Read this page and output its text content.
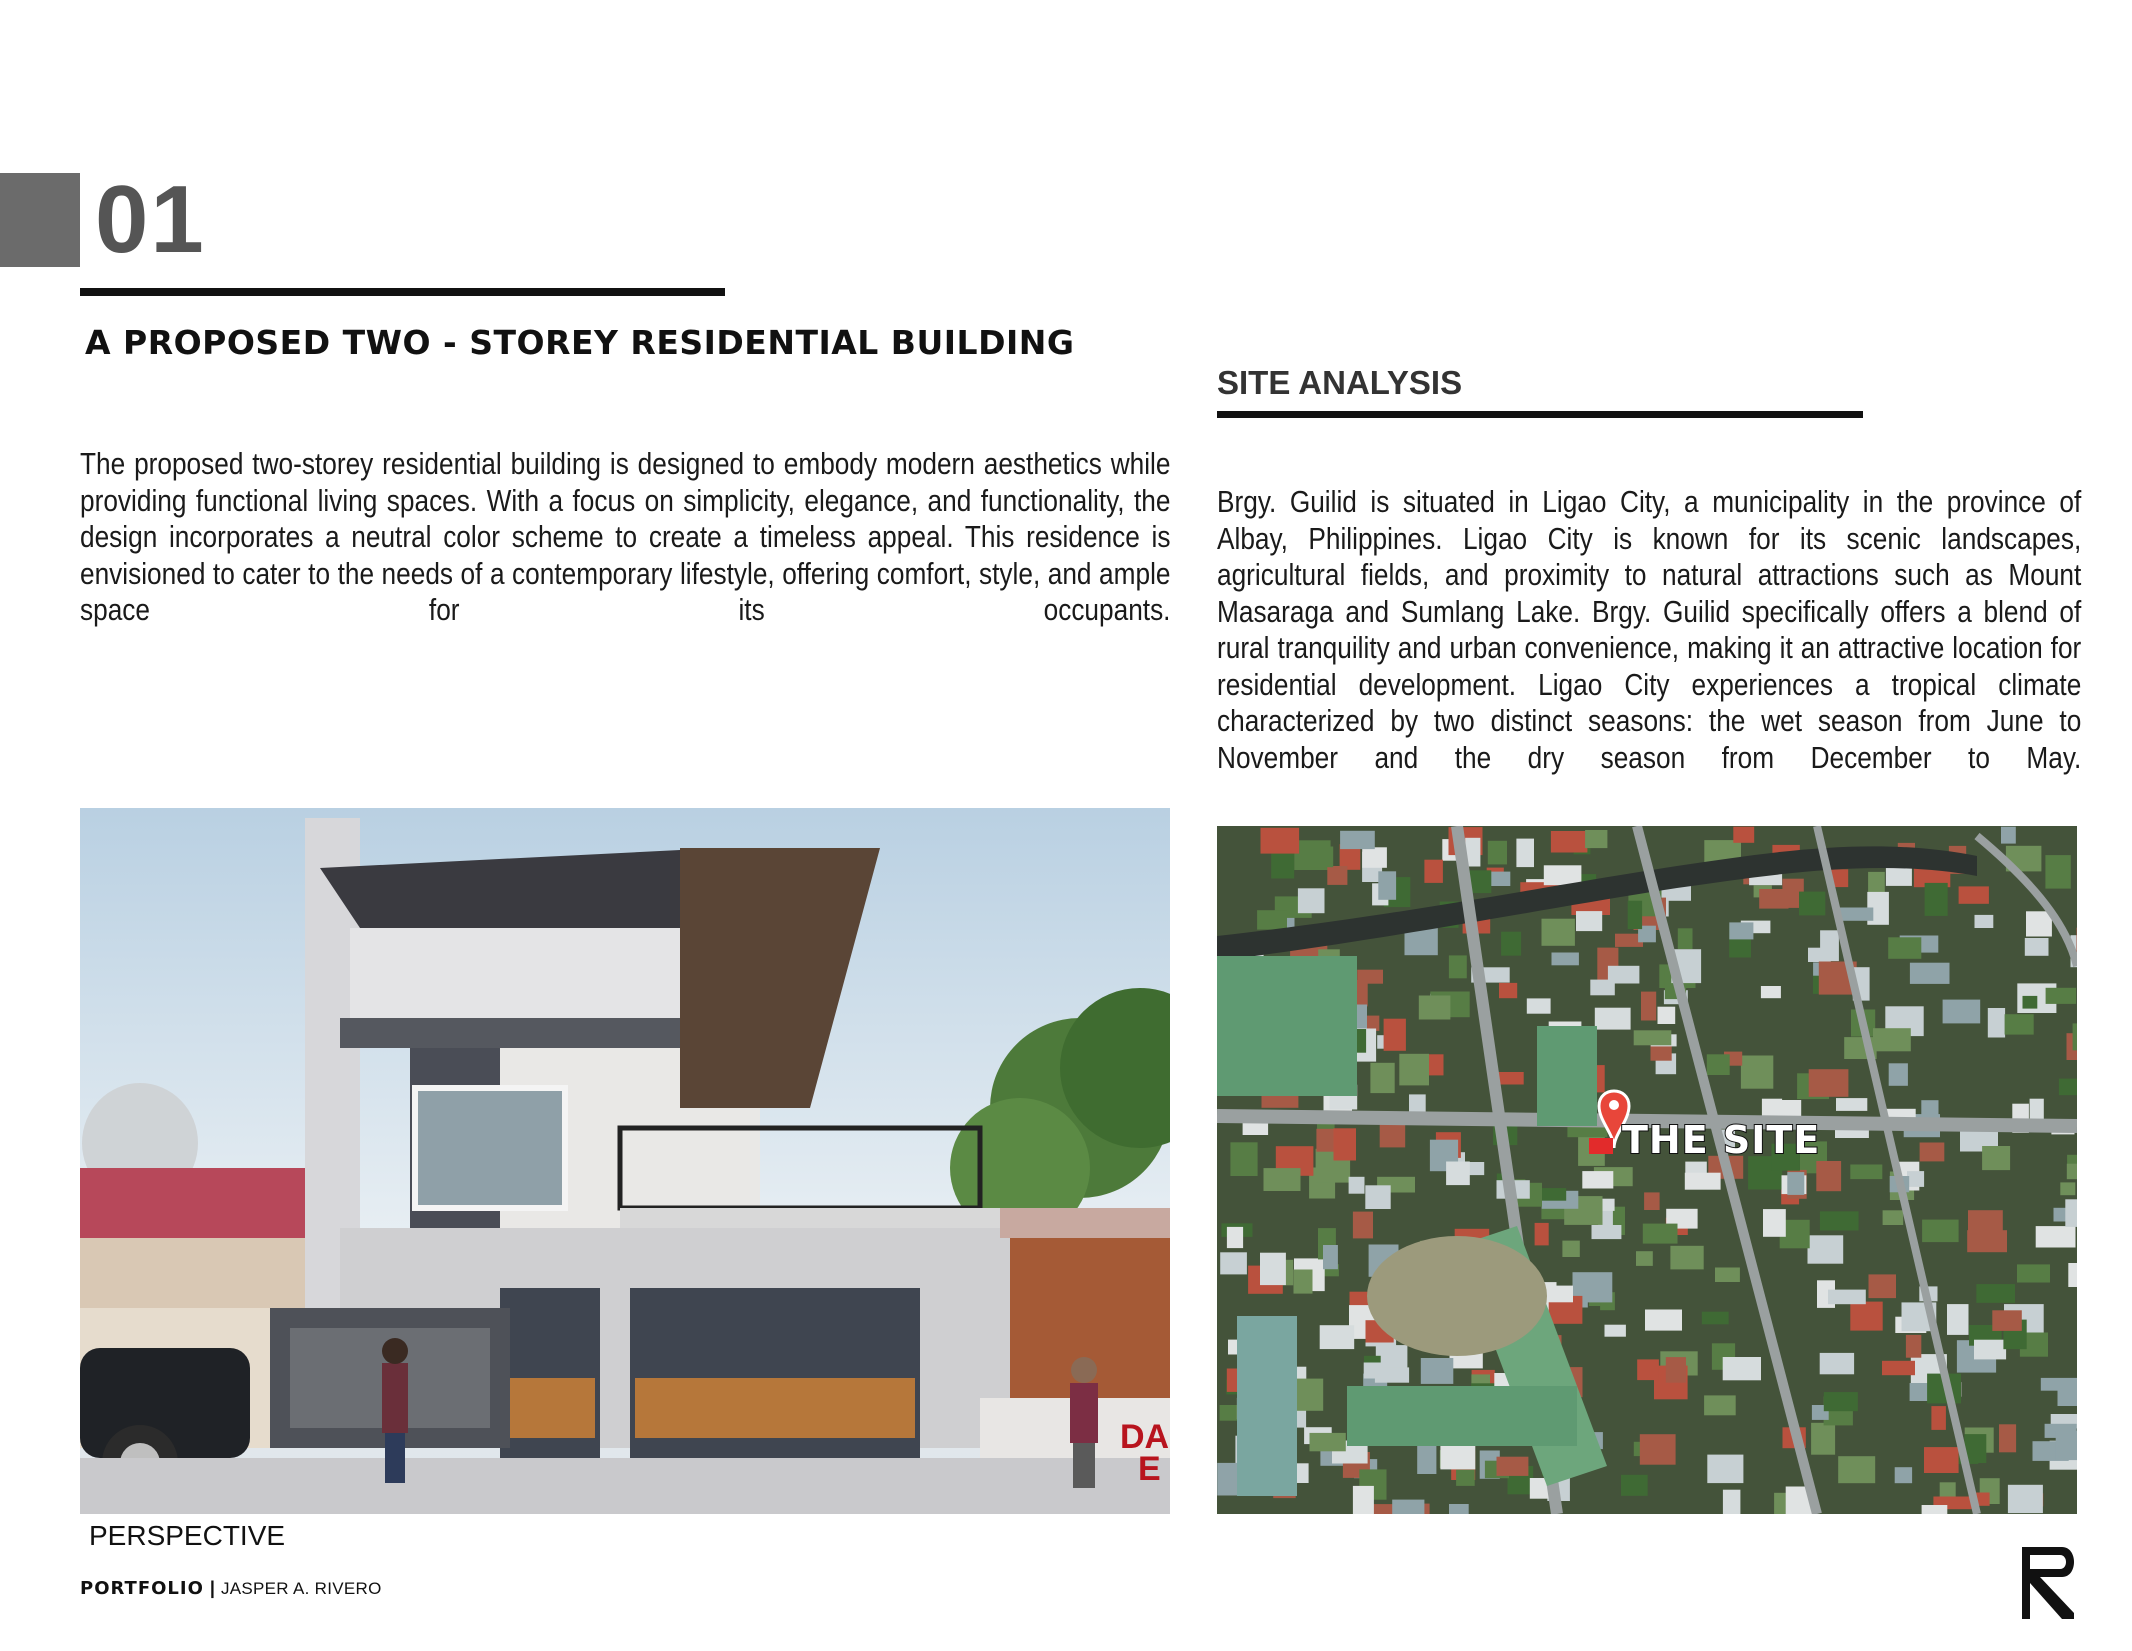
01
A PROPOSED TWO - STOREY RESIDENTIAL BUILDING
The proposed two-storey residential building is designed to embody modern aesthetics while providing functional living spaces. With a focus on simplicity, elegance, and functionality, the design incorporates a neutral color scheme to create a timeless appeal. This residence is envisioned to cater to the needs of a contemporary lifestyle, offering comfort, style, and ample space for its occupants.
SITE ANALYSIS
Brgy. Guilid is situated in Ligao City, a municipality in the province of Albay, Philippines. Ligao City is known for its scenic landscapes, agricultural fields, and proximity to natural attractions such as Mount Masaraga and Sumlang Lake. Brgy. Guilid specifically offers a blend of rural tranquility and urban convenience, making it an attractive location for residential development. Ligao City experiences a tropical climate characterized by two distinct seasons: the wet season from June to November and the dry season from December to May.
DA E
PERSPECTIVE
THE SITE
PORTFOLIO | JASPER A. RIVERO
